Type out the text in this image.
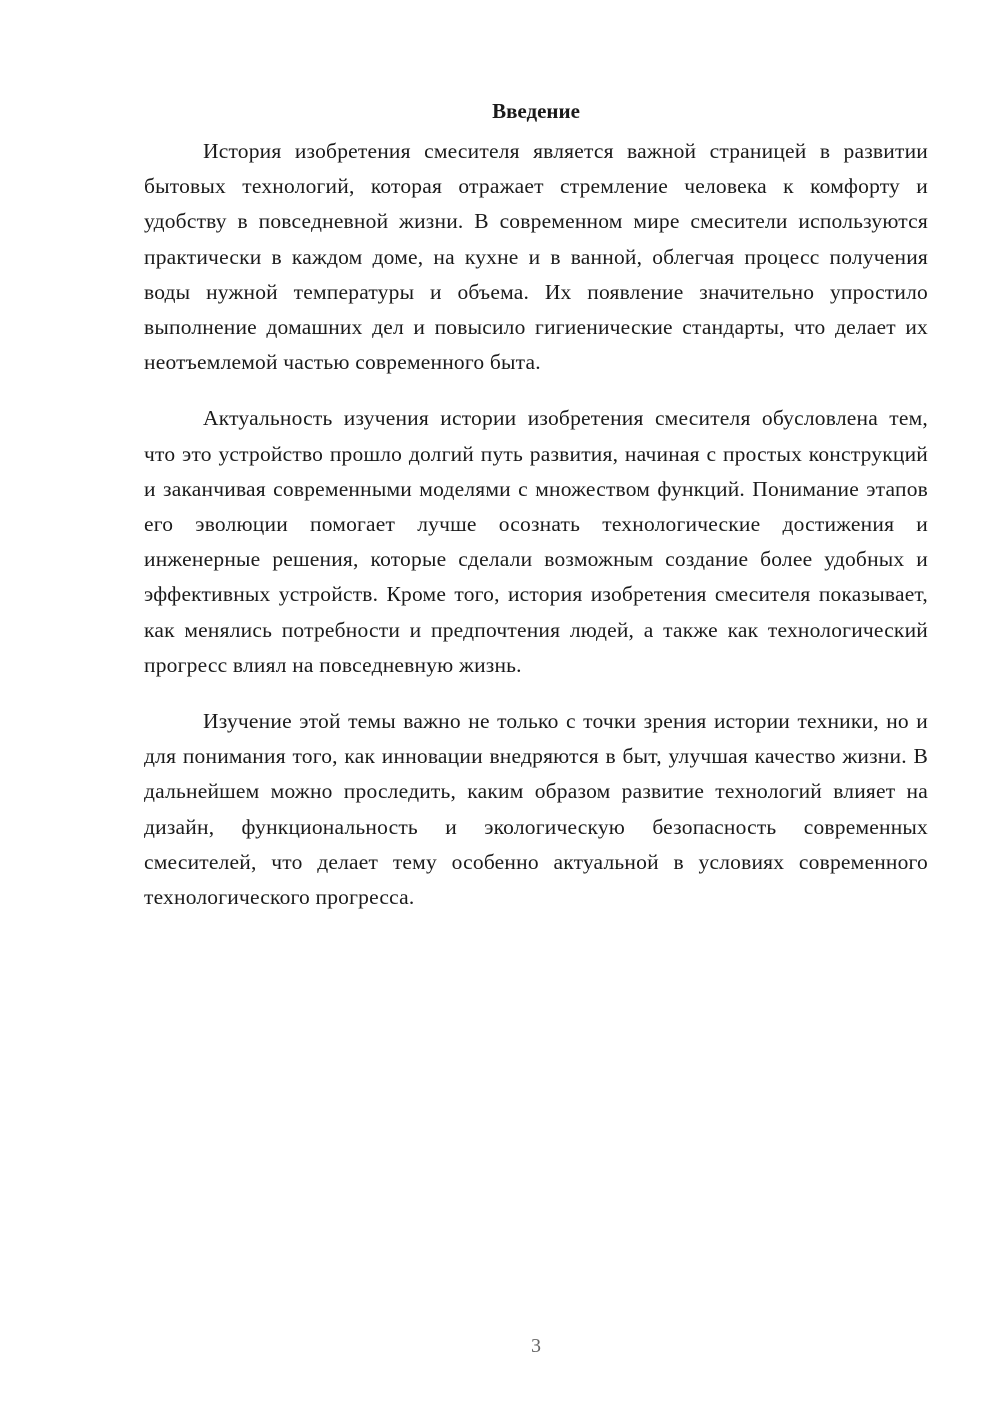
Введение

История изобретения смесителя является важной страницей в развитии бытовых технологий, которая отражает стремление человека к комфорту и удобству в повседневной жизни. В современном мире смесители используются практически в каждом доме, на кухне и в ванной, облегчая процесс получения воды нужной температуры и объема. Их появление значительно упростило выполнение домашних дел и повысило гигиенические стандарты, что делает их неотъемлемой частью современного быта.

Актуальность изучения истории изобретения смесителя обусловлена тем, что это устройство прошло долгий путь развития, начиная с простых конструкций и заканчивая современными моделями с множеством функций. Понимание этапов его эволюции помогает лучше осознать технологические достижения и инженерные решения, которые сделали возможным создание более удобных и эффективных устройств. Кроме того, история изобретения смесителя показывает, как менялись потребности и предпочтения людей, а также как технологический прогресс влиял на повседневную жизнь.

Изучение этой темы важно не только с точки зрения истории техники, но и для понимания того, как инновации внедряются в быт, улучшая качество жизни. В дальнейшем можно проследить, каким образом развитие технологий влияет на дизайн, функциональность и экологическую безопасность современных смесителей, что делает тему особенно актуальной в условиях современного технологического прогресса.

3
